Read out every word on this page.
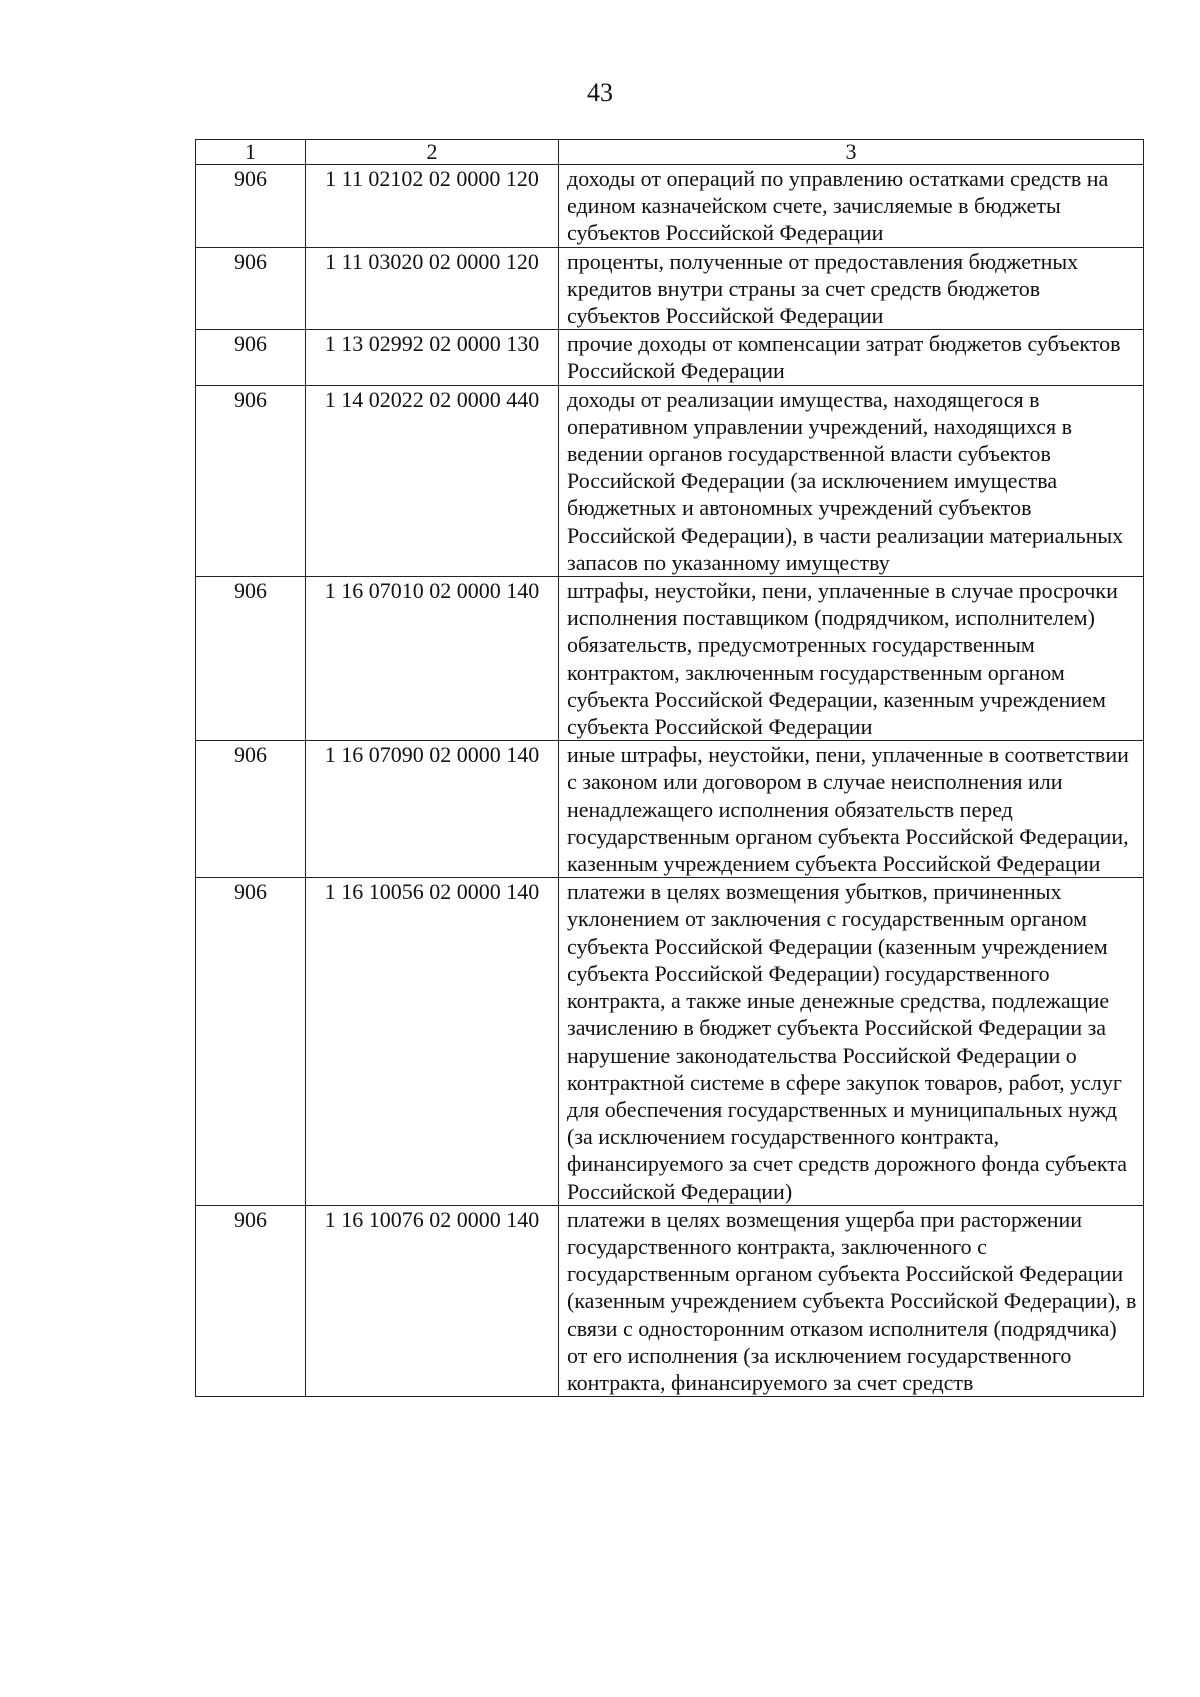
43
1	2	3
906	1 11 02102 02 0000 120	доходы от операций по управлению остатками средств на едином казначейском счете, зачисляемые в бюджеты субъектов Российской Федерации
906	1 11 03020 02 0000 120	проценты, полученные от предоставления бюджетных кредитов внутри страны за счет средств бюджетов субъектов Российской Федерации
906	1 13 02992 02 0000 130	прочие доходы от компенсации затрат бюджетов субъектов Российской Федерации
906	1 14 02022 02 0000 440	доходы от реализации имущества, находящегося в оперативном управлении учреждений, находящихся в ведении органов государственной власти субъектов Российской Федерации (за исключением имущества бюджетных и автономных учреждений субъектов Российской Федерации), в части реализации материальных запасов по указанному имуществу
906	1 16 07010 02 0000 140	штрафы, неустойки, пени, уплаченные в случае просрочки исполнения поставщиком (подрядчиком, исполнителем) обязательств, предусмотренных государственным контрактом, заключенным государственным органом субъекта Российской Федерации, казенным учреждением субъекта Российской Федерации
906	1 16 07090 02 0000 140	иные штрафы, неустойки, пени, уплаченные в соответствии с законом или договором в случае неисполнения или ненадлежащего исполнения обязательств перед государственным органом субъекта Российской Федерации, казенным учреждением субъекта Российской Федерации
906	1 16 10056 02 0000 140	платежи в целях возмещения убытков, причиненных уклонением от заключения с государственным органом субъекта Российской Федерации (казенным учреждением субъекта Российской Федерации) государственного контракта, а также иные денежные средства, подлежащие зачислению в бюджет субъекта Российской Федерации за нарушение законодательства Российской Федерации о контрактной системе в сфере закупок товаров, работ, услуг для обеспечения государственных и муниципальных нужд (за исключением государственного контракта, финансируемого за счет средств дорожного фонда субъекта Российской Федерации)
906	1 16 10076 02 0000 140	платежи в целях возмещения ущерба при расторжении государственного контракта, заключенного с государственным органом субъекта Российской Федерации (казенным учреждением субъекта Российской Федерации), в связи с односторонним отказом исполнителя (подрядчика) от его исполнения (за исключением государственного контракта, финансируемого за счет средств
